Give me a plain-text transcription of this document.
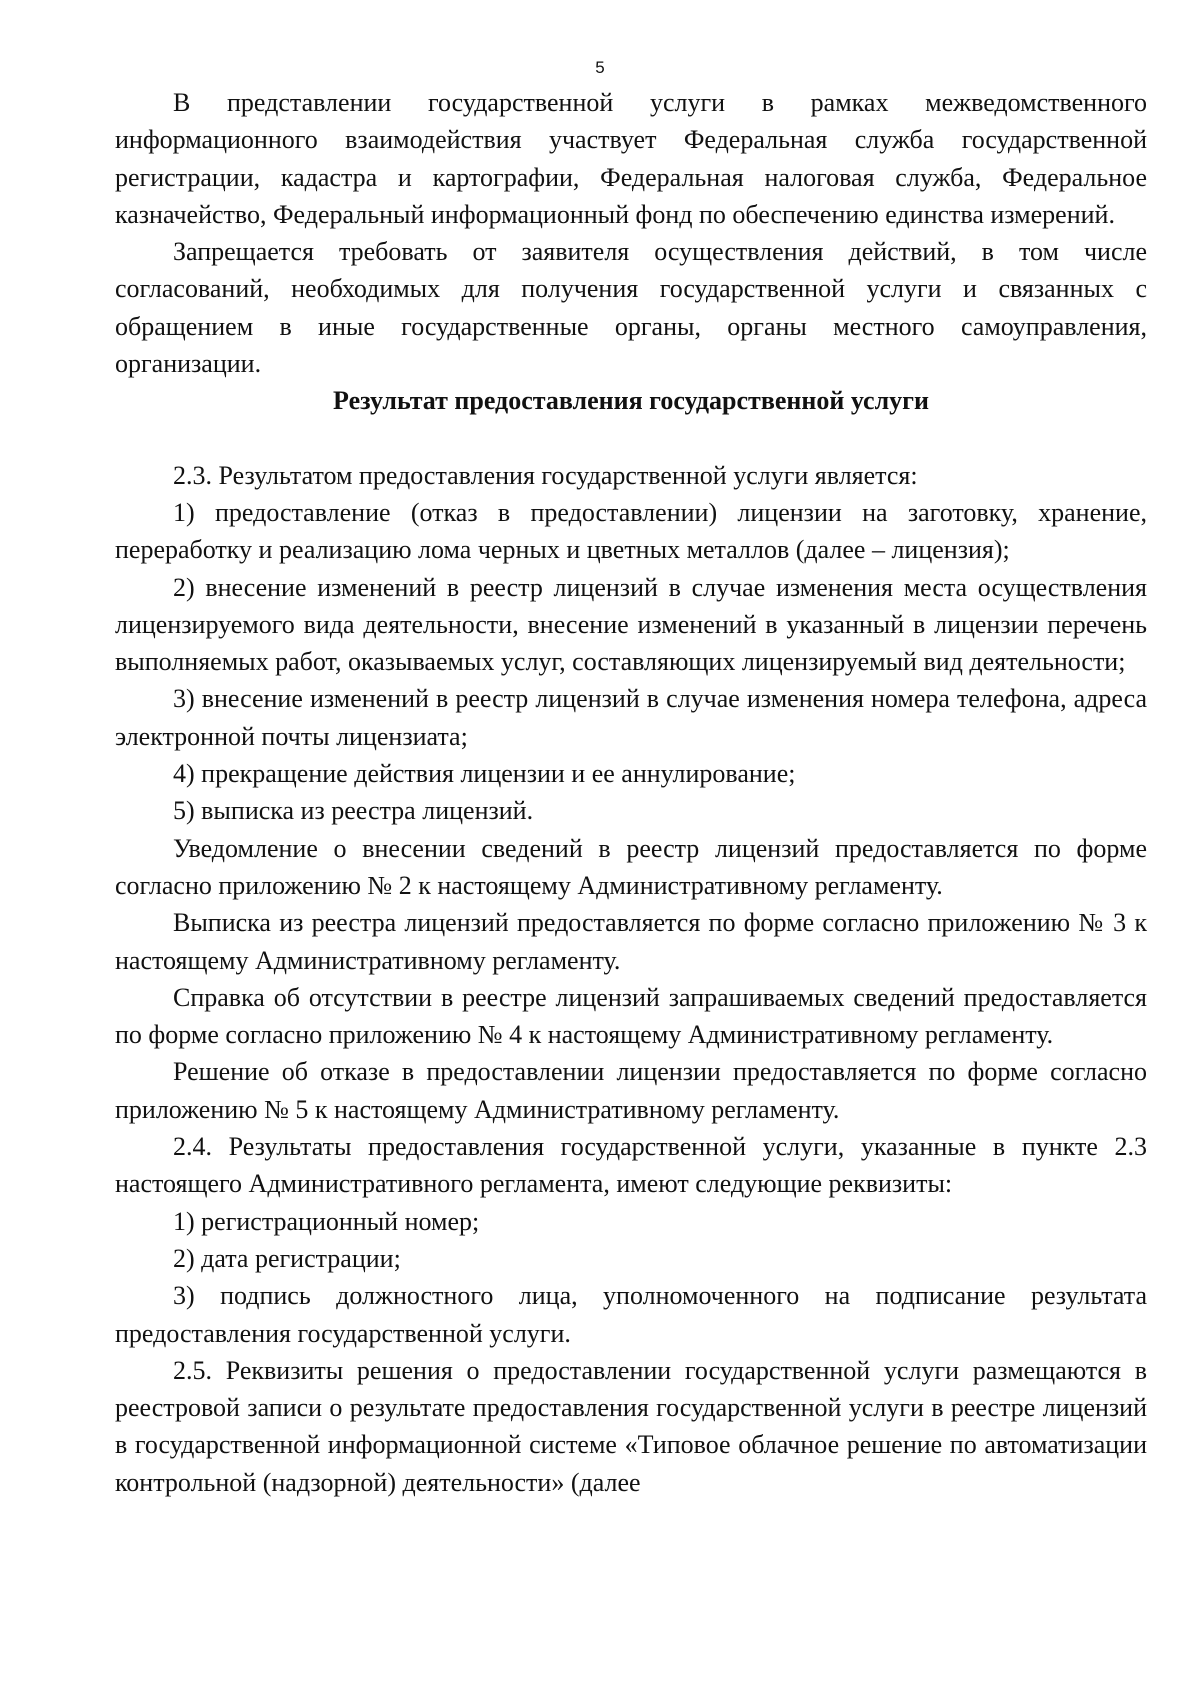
5

В представлении государственной услуги в рамках межведомственного информационного взаимодействия участвует Федеральная служба государственной регистрации, кадастра и картографии, Федеральная налоговая служба, Федеральное казначейство, Федеральный информационный фонд по обеспечению единства измерений.

Запрещается требовать от заявителя осуществления действий, в том числе согласований, необходимых для получения государственной услуги и связанных с обращением в иные государственные органы, органы местного самоуправления, организации.

Результат предоставления государственной услуги

2.3. Результатом предоставления государственной услуги является:

1) предоставление (отказ в предоставлении) лицензии на заготовку, хранение, переработку и реализацию лома черных и цветных металлов (далее – лицензия);

2) внесение изменений в реестр лицензий в случае изменения места осуществления лицензируемого вида деятельности, внесение изменений в указанный в лицензии перечень выполняемых работ, оказываемых услуг, составляющих лицензируемый вид деятельности;

3) внесение изменений в реестр лицензий в случае изменения номера телефона, адреса электронной почты лицензиата;

4) прекращение действия лицензии и ее аннулирование;

5) выписка из реестра лицензий.

Уведомление о внесении сведений в реестр лицензий предоставляется по форме согласно приложению № 2 к настоящему Административному регламенту.

Выписка из реестра лицензий предоставляется по форме согласно приложению № 3 к настоящему Административному регламенту.

Справка об отсутствии в реестре лицензий запрашиваемых сведений предоставляется по форме согласно приложению № 4 к настоящему Административному регламенту.

Решение об отказе в предоставлении лицензии предоставляется по форме согласно приложению № 5 к настоящему Административному регламенту.

2.4. Результаты предоставления государственной услуги, указанные в пункте 2.3 настоящего Административного регламента, имеют следующие реквизиты:

1) регистрационный номер;

2) дата регистрации;

3) подпись должностного лица, уполномоченного на подписание результата предоставления государственной услуги.

2.5. Реквизиты решения о предоставлении государственной услуги размещаются в реестровой записи о результате предоставления государственной услуги в реестре лицензий в государственной информационной системе «Типовое облачное решение по автоматизации контрольной (надзорной) деятельности» (далее
